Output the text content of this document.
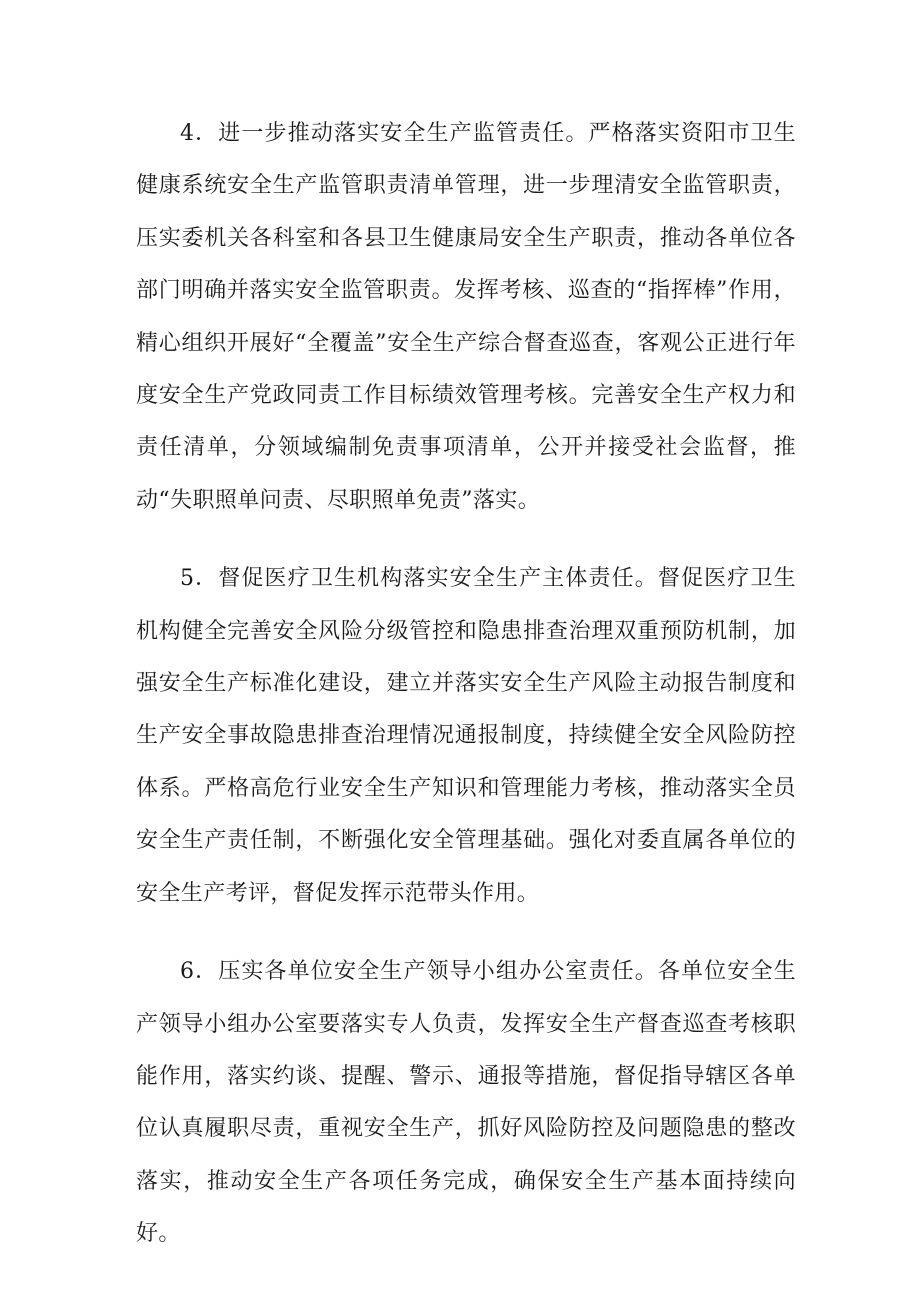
4．进一步推动落实安全生产监管责任。严格落实资阳市卫生健康系统安全生产监管职责清单管理，进一步理清安全监管职责，压实委机关各科室和各县卫生健康局安全生产职责，推动各单位各部门明确并落实安全监管职责。发挥考核、巡查的“指挥棒”作用，精心组织开展好“全覆盖”安全生产综合督查巡查，客观公正进行年度安全生产党政同责工作目标绩效管理考核。完善安全生产权力和责任清单，分领域编制免责事项清单，公开并接受社会监督，推动“失职照单问责、尽职照单免责”落实。

5．督促医疗卫生机构落实安全生产主体责任。督促医疗卫生机构健全完善安全风险分级管控和隐患排查治理双重预防机制，加强安全生产标准化建设，建立并落实安全生产风险主动报告制度和生产安全事故隐患排查治理情况通报制度，持续健全安全风险防控体系。严格高危行业安全生产知识和管理能力考核，推动落实全员安全生产责任制，不断强化安全管理基础。强化对委直属各单位的安全生产考评，督促发挥示范带头作用。

6．压实各单位安全生产领导小组办公室责任。各单位安全生产领导小组办公室要落实专人负责，发挥安全生产督查巡查考核职能作用，落实约谈、提醒、警示、通报等措施，督促指导辖区各单位认真履职尽责，重视安全生产，抓好风险防控及问题隐患的整改落实，推动安全生产各项任务完成，确保安全生产基本面持续向好。
